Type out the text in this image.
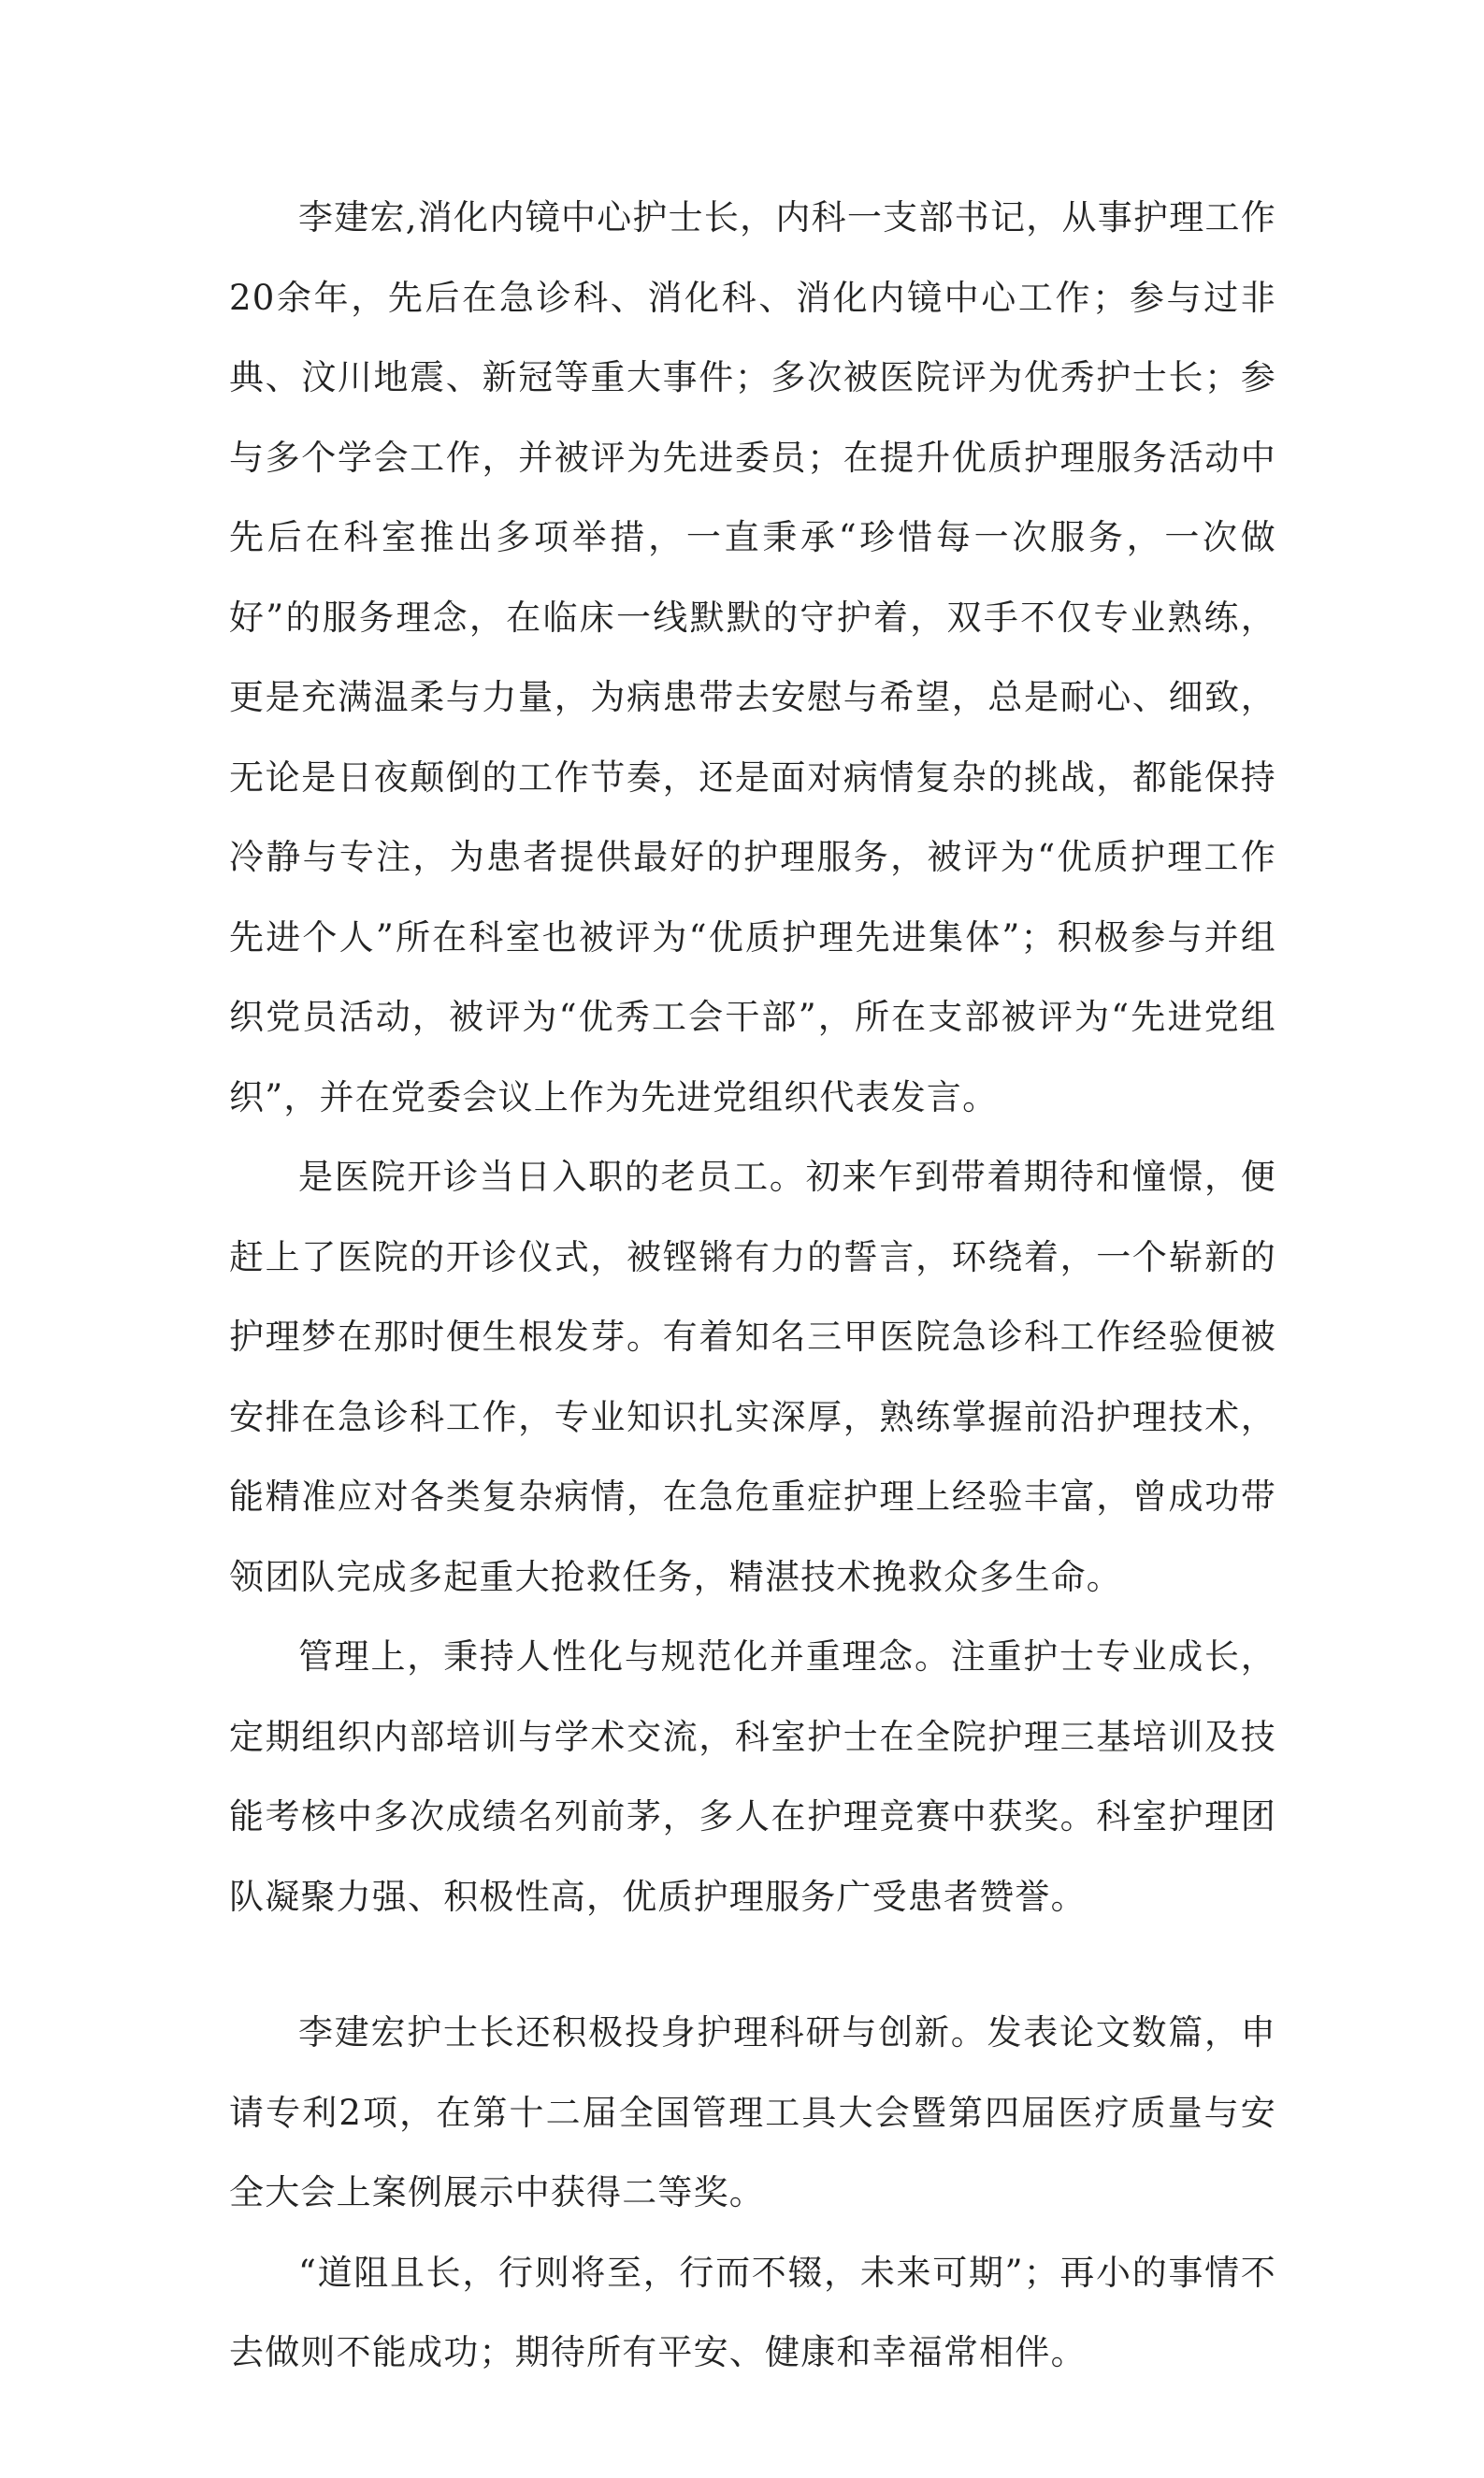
李建宏,消化内镜中心护士长，内科一支部书记，从事护理工作20余年，先后在急诊科、消化科、消化内镜中心工作；参与过非典、汶川地震、新冠等重大事件；多次被医院评为优秀护士长；参与多个学会工作，并被评为先进委员；在提升优质护理服务活动中先后在科室推出多项举措，一直秉承“珍惜每一次服务，一次做好”的服务理念，在临床一线默默的守护着，双手不仅专业熟练，更是充满温柔与力量，为病患带去安慰与希望，总是耐心、细致，无论是日夜颠倒的工作节奏，还是面对病情复杂的挑战，都能保持冷静与专注，为患者提供最好的护理服务，被评为“优质护理工作先进个人”所在科室也被评为“优质护理先进集体”；积极参与并组织党员活动，被评为“优秀工会干部”，所在支部被评为“先进党组织”，并在党委会议上作为先进党组织代表发言。

是医院开诊当日入职的老员工。初来乍到带着期待和憧憬，便赶上了医院的开诊仪式，被铿锵有力的誓言，环绕着，一个崭新的护理梦在那时便生根发芽。有着知名三甲医院急诊科工作经验便被安排在急诊科工作，专业知识扎实深厚，熟练掌握前沿护理技术，能精准应对各类复杂病情，在急危重症护理上经验丰富，曾成功带领团队完成多起重大抢救任务，精湛技术挽救众多生命。

管理上，秉持人性化与规范化并重理念。注重护士专业成长，定期组织内部培训与学术交流，科室护士在全院护理三基培训及技能考核中多次成绩名列前茅，多人在护理竞赛中获奖。科室护理团队凝聚力强、积极性高，优质护理服务广受患者赞誉。

李建宏护士长还积极投身护理科研与创新。发表论文数篇，申请专利2项，在第十二届全国管理工具大会暨第四届医疗质量与安全大会上案例展示中获得二等奖。

“道阻且长，行则将至，行而不辍，未来可期”；再小的事情不去做则不能成功；期待所有平安、健康和幸福常相伴。
